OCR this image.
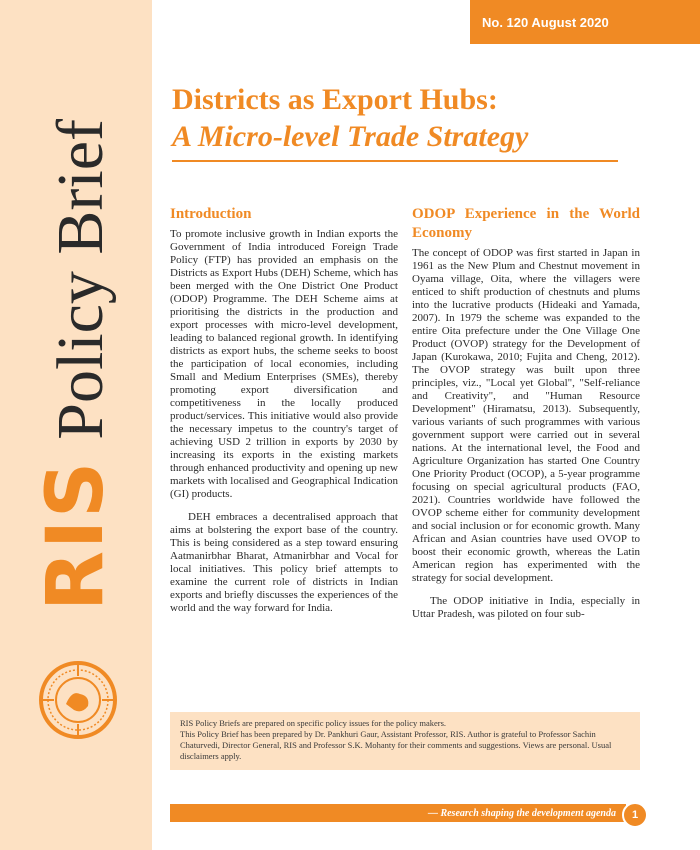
RIS
Policy Brief
No. 120 August 2020
Districts as Export Hubs:
A Micro-level Trade Strategy
Introduction

To promote inclusive growth in Indian exports the Government of India introduced Foreign Trade Policy (FTP) has provided an emphasis on the Districts as Export Hubs (DEH) Scheme, which has been merged with the One District One Product (ODOP) Programme. The DEH Scheme aims at prioritising the districts in the production and export processes with micro-level development, leading to balanced regional growth. In identifying districts as export hubs, the scheme seeks to boost the participation of local economies, including Small and Medium Enterprises (SMEs), thereby promoting export diversification and competitiveness in the locally produced product/services. This initiative would also provide the necessary impetus to the country's target of achieving USD 2 trillion in exports by 2030 by increasing its exports in the existing markets through enhanced productivity and opening up new markets with localised and Geographical Indication (GI) products.

DEH embraces a decentralised approach that aims at bolstering the export base of the country. This is being considered as a step toward ensuring Aatmanirbhar Bharat, Atmanirbhar and Vocal for local initiatives. This policy brief attempts to examine the current role of districts in Indian exports and briefly discusses the experiences of the world and the way forward for India.

ODOP Experience in the World Economy

The concept of ODOP was first started in Japan in 1961 as the New Plum and Chestnut movement in Oyama village, Oita, where the villagers were enticed to shift production of chestnuts and plums into the lucrative products (Hideaki and Yamada, 2007). In 1979 the scheme was expanded to the entire Oita prefecture under the One Village One Product (OVOP) strategy for the Development of Japan (Kurokawa, 2010; Fujita and Cheng, 2012). The OVOP strategy was built upon three principles, viz., "Local yet Global", "Self-reliance and Creativity", and "Human Resource Development" (Hiramatsu, 2013). Subsequently, various variants of such programmes with various government support were carried out in several nations. At the international level, the Food and Agriculture Organization has started One Country One Priority Product (OCOP), a 5-year programme focusing on special agricultural products (FAO, 2021). Countries worldwide have followed the OVOP scheme either for community development and social inclusion or for economic growth. Many African and Asian countries have used OVOP to boost their economic growth, whereas the Latin American region has experimented with the strategy for social development.

The ODOP initiative in India, especially in Uttar Pradesh, was piloted on four sub-

RIS Policy Briefs are prepared on specific policy issues for the policy makers.

This Policy Brief has been prepared by Dr. Pankhuri Gaur, Assistant Professor, RIS. Author is grateful to Professor Sachin Chaturvedi, Director General, RIS and Professor S.K. Mohanty for their comments and suggestions. Views are personal. Usual disclaimers apply.

— Research shaping the development agenda	1
